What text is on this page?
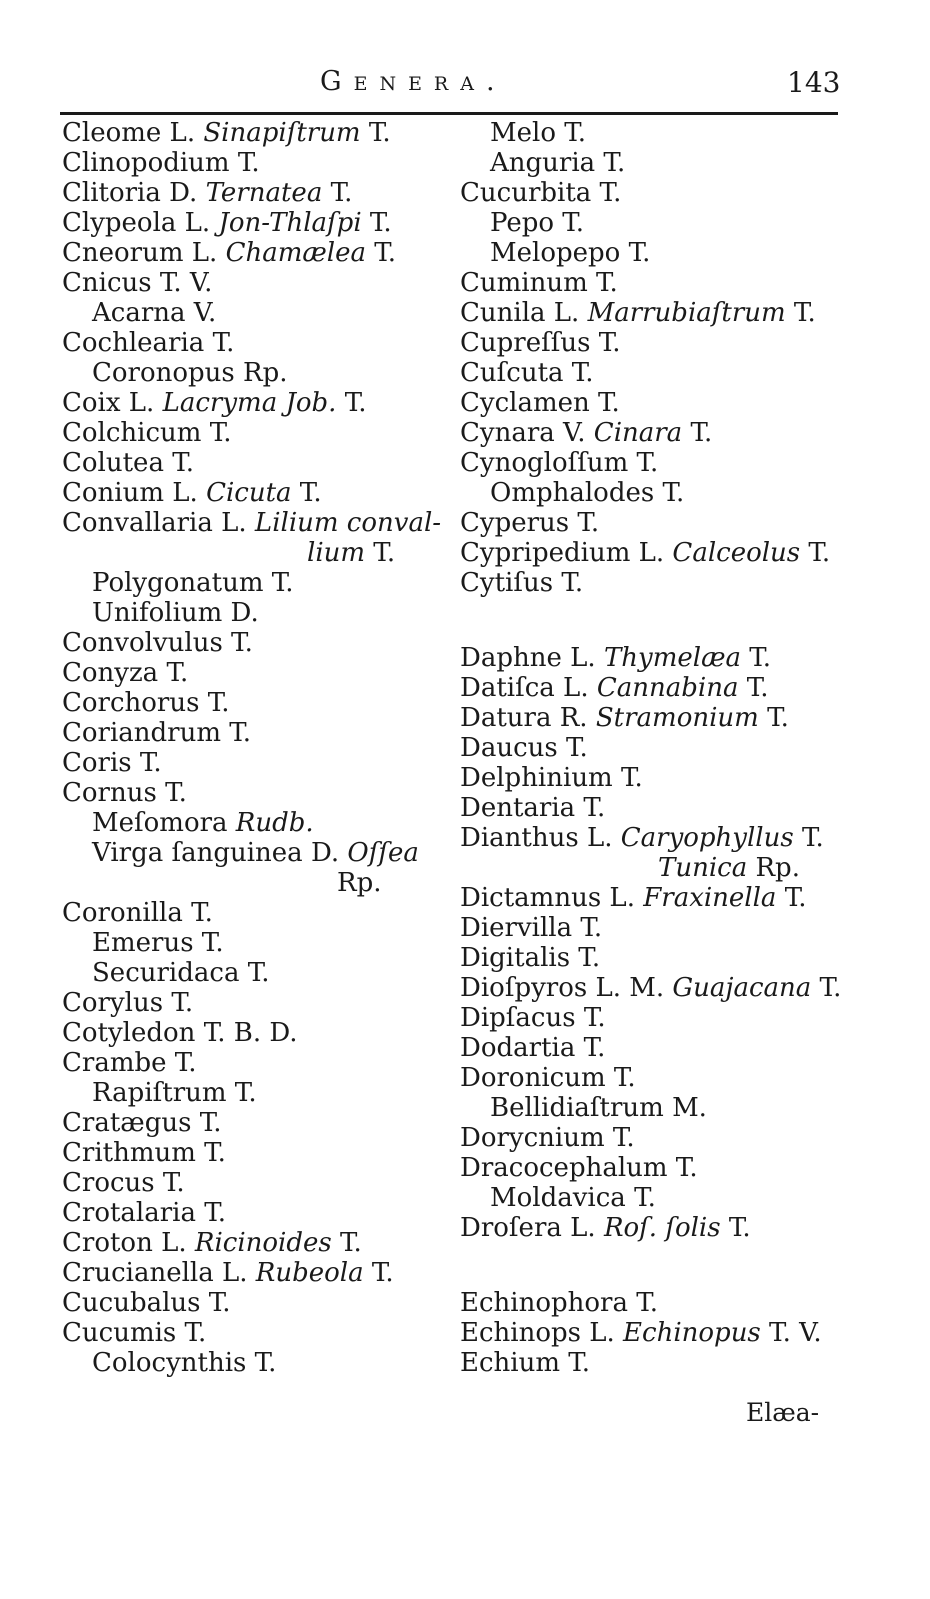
Genera.	143
Cleome L. Sinapiſtrum T.
Clinopodium T.
Clitoria D. Ternatea T.
Clypeola L. Jon-Thlaſpi T.
Cneorum L. Chamælea T.
Cnicus T. V.
Acarna V.
Cochlearia T.
Coronopus Rp.
Coix L. Lacryma Job. T.
Colchicum T.
Colutea T.
Conium L. Cicuta T.
Convallaria L. Lilium conval-
lium T.
Polygonatum T.
Unifolium D.
Convolvulus T.
Conyza T.
Corchorus T.
Coriandrum T.
Coris T.
Cornus T.
Meſomora Rudb.
Virga ſanguinea D. Oſſea
Rp.
Coronilla T.
Emerus T.
Securidaca T.
Corylus T.
Cotyledon T. B. D.
Crambe T.
Rapiſtrum T.
Cratægus T.
Crithmum T.
Crocus T.
Crotalaria T.
Croton L. Ricinoides T.
Crucianella L. Rubeola T.
Cucubalus T.
Cucumis T.
Colocynthis T.
Melo T.
Anguria T.
Cucurbita T.
Pepo T.
Melopepo T.
Cuminum T.
Cunila L. Marrubiaſtrum T.
Cupreſſus T.
Cuſcuta T.
Cyclamen T.
Cynara V. Cinara T.
Cynogloſſum T.
Omphalodes T.
Cyperus T.
Cypripedium L. Calceolus T.
Cytiſus T.
Daphne L. Thymelæa T.
Datiſca L. Cannabina T.
Datura R. Stramonium T.
Daucus T.
Delphinium T.
Dentaria T.
Dianthus L. Caryophyllus T.
Tunica Rp.
Dictamnus L. Fraxinella T.
Diervilla T.
Digitalis T.
Dioſpyros L. M. Guajacana T.
Dipſacus T.
Dodartia T.
Doronicum T.
Bellidiaſtrum M.
Dorycnium T.
Dracocephalum T.
Moldavica T.
Droſera L. Roſ. ſolis T.
Echinophora T.
Echinops L. Echinopus T. V.
Echium T.
Elæa-
